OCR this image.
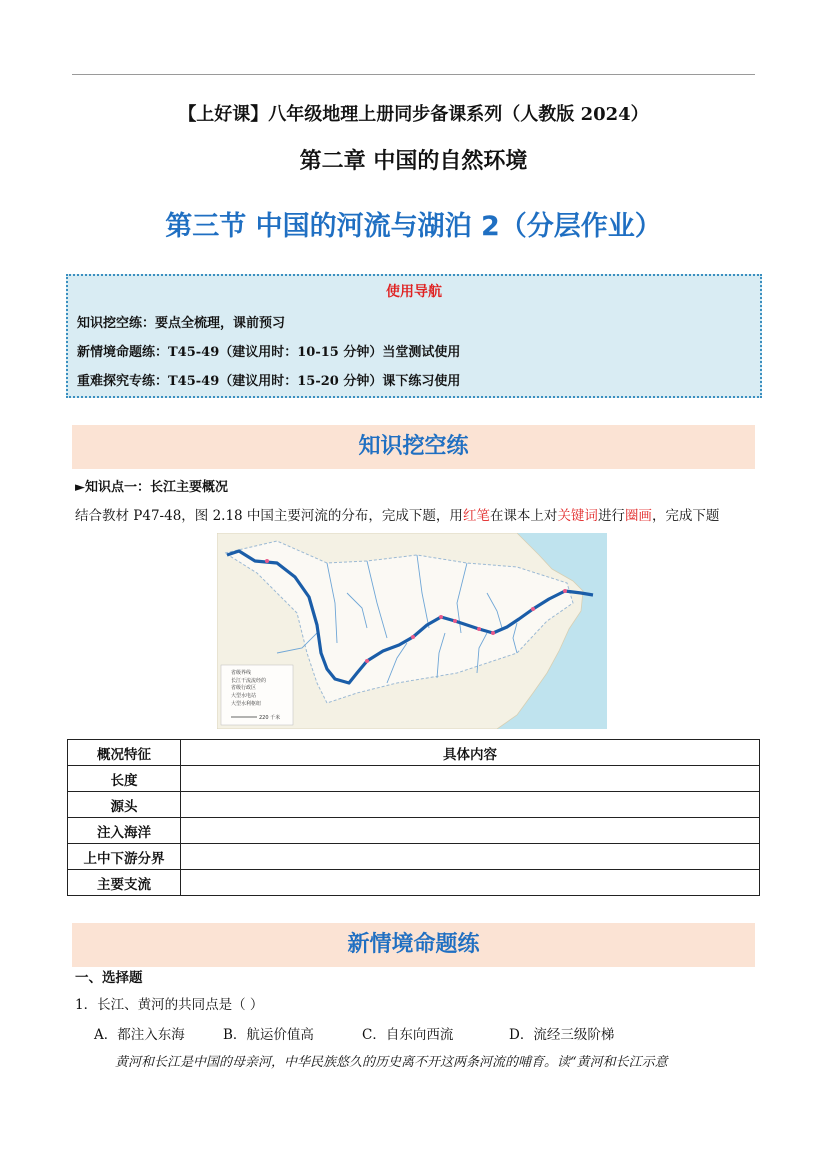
【上好课】八年级地理上册同步备课系列（人教版 2024）
第二章 中国的自然环境
第三节 中国的河流与湖泊 2（分层作业）
使用导航
知识挖空练：要点全梳理，课前预习
新情境命题练：T45-49（建议用时：10-15 分钟）当堂测试使用
重难探究专练：T45-49（建议用时：15-20 分钟）课下练习使用
知识挖空练
►知识点一：长江主要概况
结合教材 P47-48，图 2.18 中国主要河流的分布，完成下题，用红笔在课本上对关键词进行圈画，完成下题
省级界线
长江干流流经的
省级行政区
大型水电站
大型水利枢纽
220 千米
概况特征	具体内容
长度	
源头	
注入海洋	
上中下游分界	
主要支流	
新情境命题练
一、选择题
1．长江、黄河的共同点是（ ）
A．都注入东海	B．航运价值高	C．自东向西流	D．流经三级阶梯
黄河和长江是中国的母亲河，中华民族悠久的历史离不开这两条河流的哺育。读“黄河和长江示意
